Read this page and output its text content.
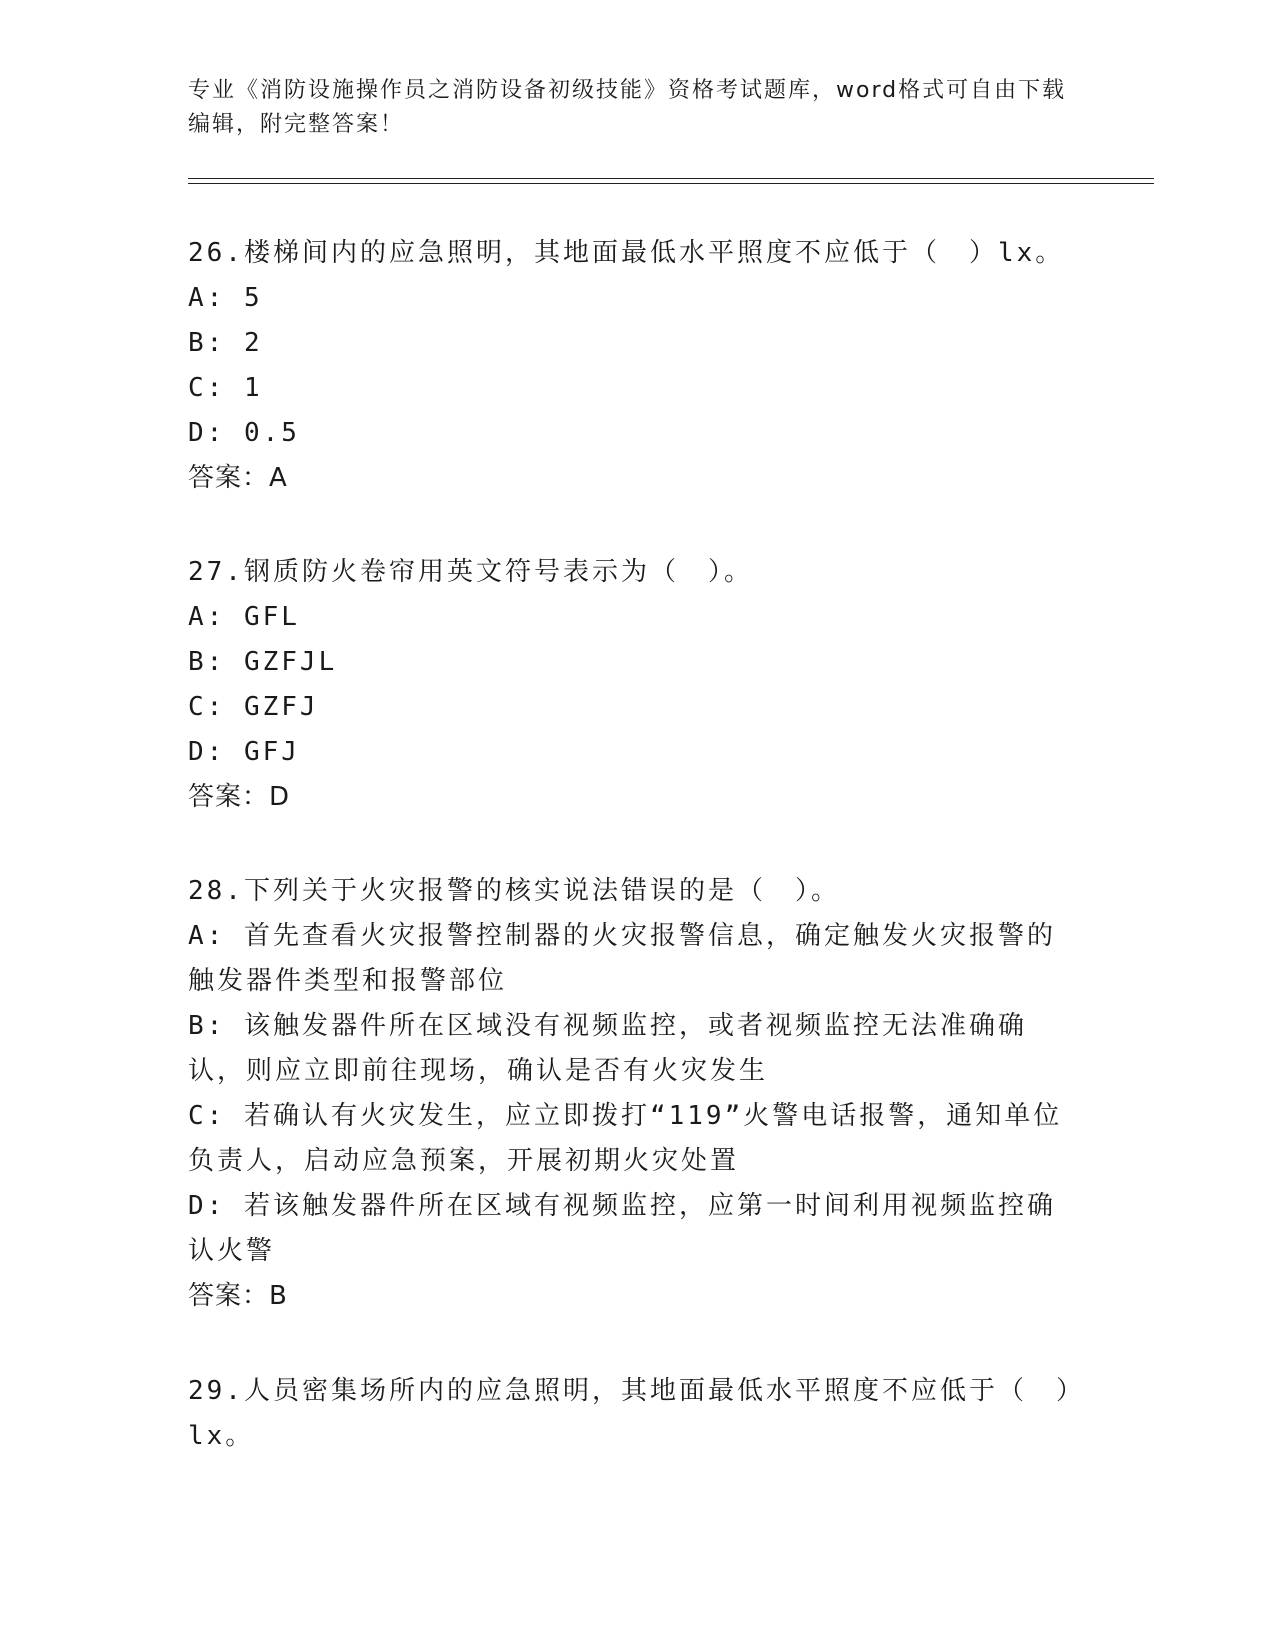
专业《消防设施操作员之消防设备初级技能》资格考试题库，word格式可自由下载编辑，附完整答案！
26.楼梯间内的应急照明，其地面最低水平照度不应低于（　）lx。
A: 5
B: 2
C: 1
D: 0.5
答案：A
27.钢质防火卷帘用英文符号表示为（　）。
A: GFL
B: GZFJL
C: GZFJ
D: GFJ
答案：D
28.下列关于火灾报警的核实说法错误的是（　）。
A: 首先查看火灾报警控制器的火灾报警信息，确定触发火灾报警的触发器件类型和报警部位
B: 该触发器件所在区域没有视频监控，或者视频监控无法准确确认，则应立即前往现场，确认是否有火灾发生
C: 若确认有火灾发生，应立即拨打“119”火警电话报警，通知单位负责人，启动应急预案，开展初期火灾处置
D: 若该触发器件所在区域有视频监控，应第一时间利用视频监控确认火警
答案：B
29.人员密集场所内的应急照明，其地面最低水平照度不应低于（　）lx。
